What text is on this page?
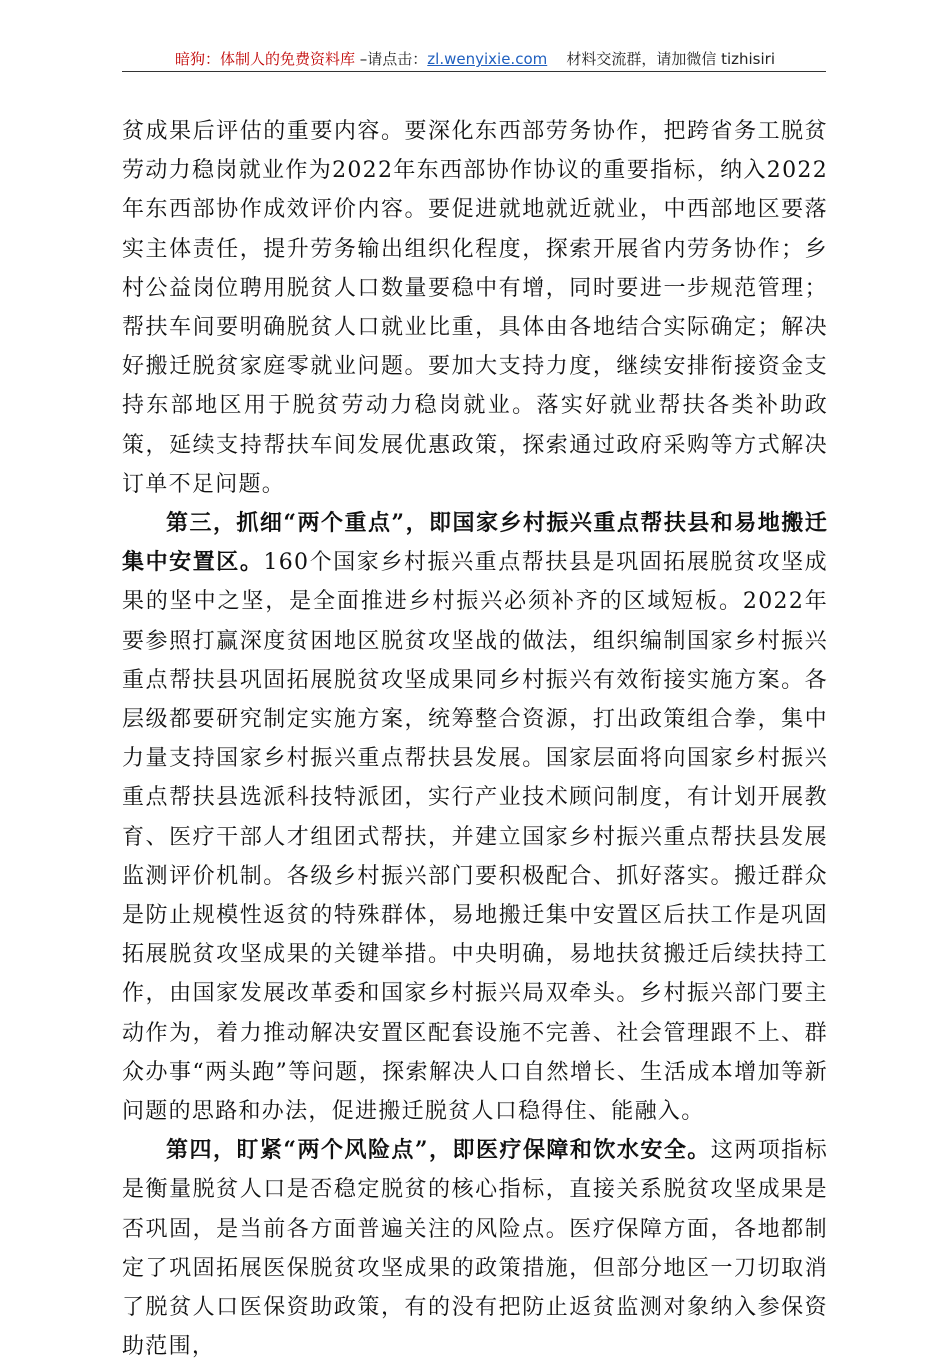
暗狗：体制人的免费资料库 –请点击：zl.wenyixie.com 材料交流群，请加微信 tizhisiri

贫成果后评估的重要内容。要深化东西部劳务协作，把跨省务工脱贫劳动力稳岗就业作为2022年东西部协作协议的重要指标，纳入2022年东西部协作成效评价内容。要促进就地就近就业，中西部地区要落实主体责任，提升劳务输出组织化程度，探索开展省内劳务协作；乡村公益岗位聘用脱贫人口数量要稳中有增，同时要进一步规范管理；帮扶车间要明确脱贫人口就业比重，具体由各地结合实际确定；解决好搬迁脱贫家庭零就业问题。要加大支持力度，继续安排衔接资金支持东部地区用于脱贫劳动力稳岗就业。落实好就业帮扶各类补助政策，延续支持帮扶车间发展优惠政策，探索通过政府采购等方式解决订单不足问题。

第三，抓细“两个重点”，即国家乡村振兴重点帮扶县和易地搬迁集中安置区。160个国家乡村振兴重点帮扶县是巩固拓展脱贫攻坚成果的坚中之坚，是全面推进乡村振兴必须补齐的区域短板。2022年要参照打赢深度贫困地区脱贫攻坚战的做法，组织编制国家乡村振兴重点帮扶县巩固拓展脱贫攻坚成果同乡村振兴有效衔接实施方案。各层级都要研究制定实施方案，统筹整合资源，打出政策组合拳，集中力量支持国家乡村振兴重点帮扶县发展。国家层面将向国家乡村振兴重点帮扶县选派科技特派团，实行产业技术顾问制度，有计划开展教育、医疗干部人才组团式帮扶，并建立国家乡村振兴重点帮扶县发展监测评价机制。各级乡村振兴部门要积极配合、抓好落实。搬迁群众是防止规模性返贫的特殊群体，易地搬迁集中安置区后扶工作是巩固拓展脱贫攻坚成果的关键举措。中央明确，易地扶贫搬迁后续扶持工作，由国家发展改革委和国家乡村振兴局双牵头。乡村振兴部门要主动作为，着力推动解决安置区配套设施不完善、社会管理跟不上、群众办事“两头跑”等问题，探索解决人口自然增长、生活成本增加等新问题的思路和办法，促进搬迁脱贫人口稳得住、能融入。

第四，盯紧“两个风险点”，即医疗保障和饮水安全。这两项指标是衡量脱贫人口是否稳定脱贫的核心指标，直接关系脱贫攻坚成果是否巩固，是当前各方面普遍关注的风险点。医疗保障方面，各地都制定了巩固拓展医保脱贫攻坚成果的政策措施，但部分地区一刀切取消了脱贫人口医保资助政策，有的没有把防止返贫监测对象纳入参保资助范围，
